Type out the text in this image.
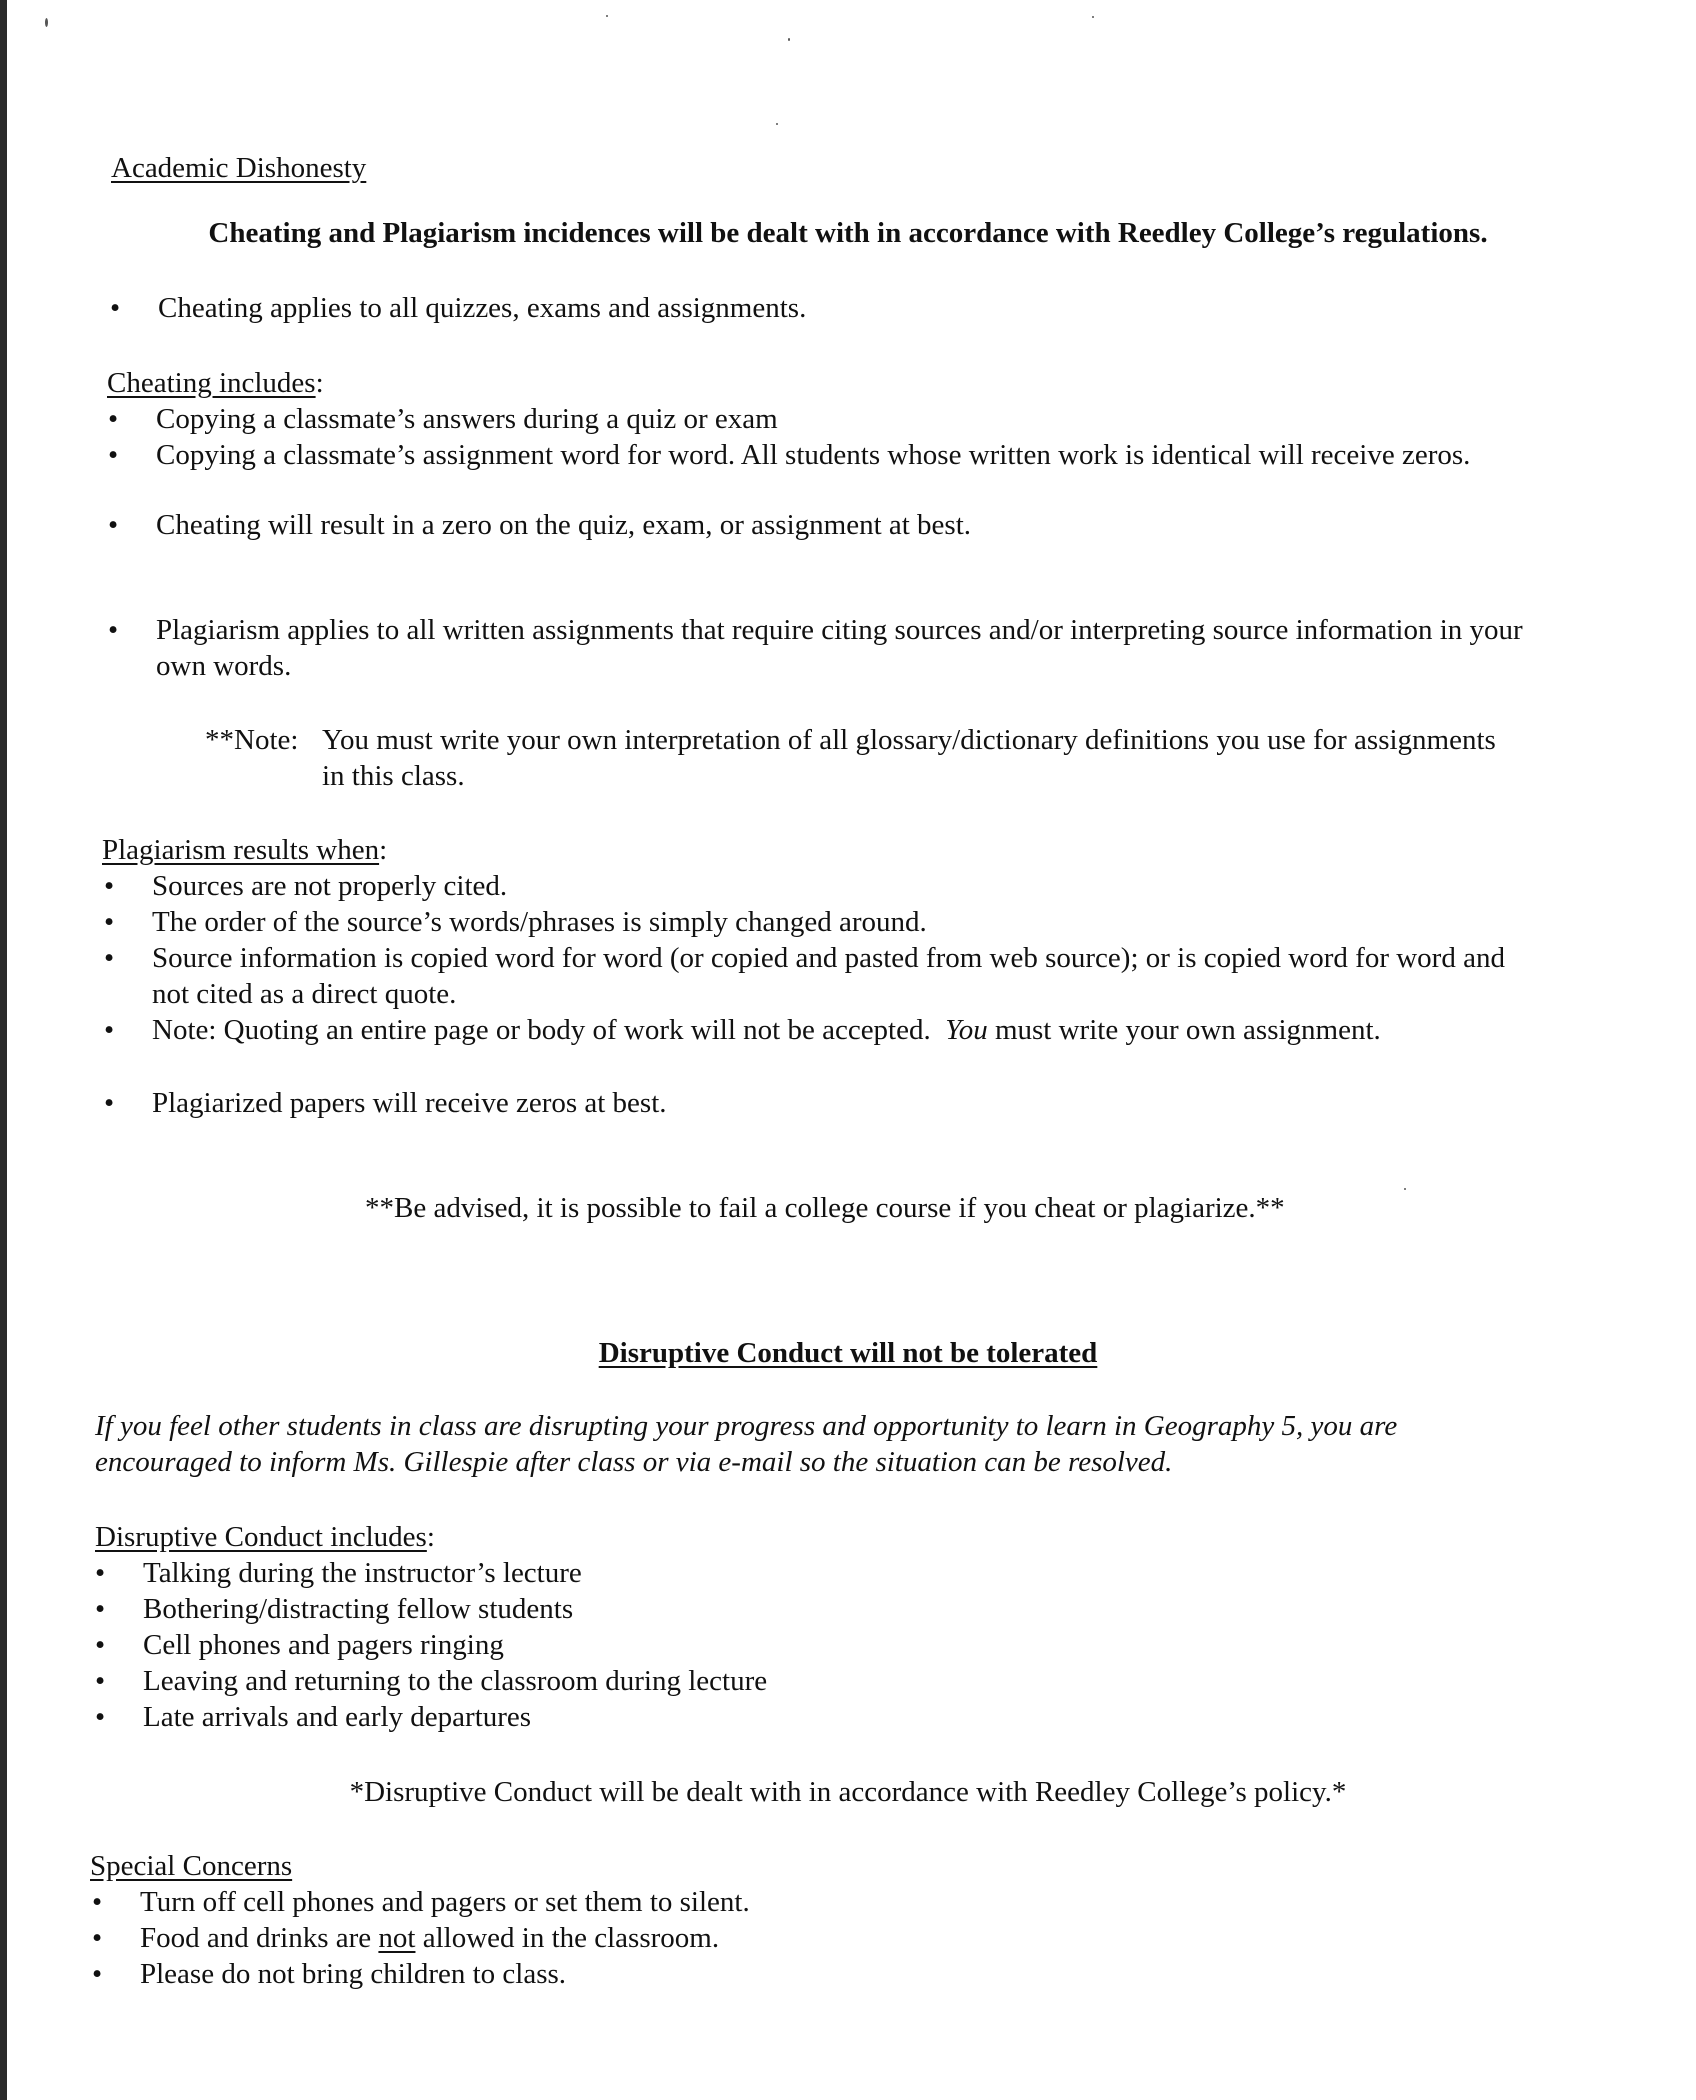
Academic Dishonesty

Cheating and Plagiarism incidences will be dealt with in accordance with Reedley College’s regulations.

• Cheating applies to all quizzes, exams and assignments.

Cheating includes:

• Copying a classmate’s answers during a quiz or exam
• Copying a classmate’s assignment word for word. All students whose written work is identical will receive zeros.
• Cheating will result in a zero on the quiz, exam, or assignment at best.
• Plagiarism applies to all written assignments that require citing sources and/or interpreting source information in your
own words.

**Note: You must write your own interpretation of all glossary/dictionary definitions you use for assignments
in this class.

Plagiarism results when:

• Sources are not properly cited.
• The order of the source’s words/phrases is simply changed around.
• Source information is copied word for word (or copied and pasted from web source); or is copied word for word and
not cited as a direct quote.
• Note: Quoting an entire page or body of work will not be accepted. You must write your own assignment.
• Plagiarized papers will receive zeros at best.

**Be advised, it is possible to fail a college course if you cheat or plagiarize.**

Disruptive Conduct will not be tolerated

If you feel other students in class are disrupting your progress and opportunity to learn in Geography 5, you are
encouraged to inform Ms. Gillespie after class or via e-mail so the situation can be resolved.

Disruptive Conduct includes:

• Talking during the instructor’s lecture
• Bothering/distracting fellow students
• Cell phones and pagers ringing
• Leaving and returning to the classroom during lecture
• Late arrivals and early departures

*Disruptive Conduct will be dealt with in accordance with Reedley College’s policy.*

Special Concerns

• Turn off cell phones and pagers or set them to silent.
• Food and drinks are not allowed in the classroom.
• Please do not bring children to class.
